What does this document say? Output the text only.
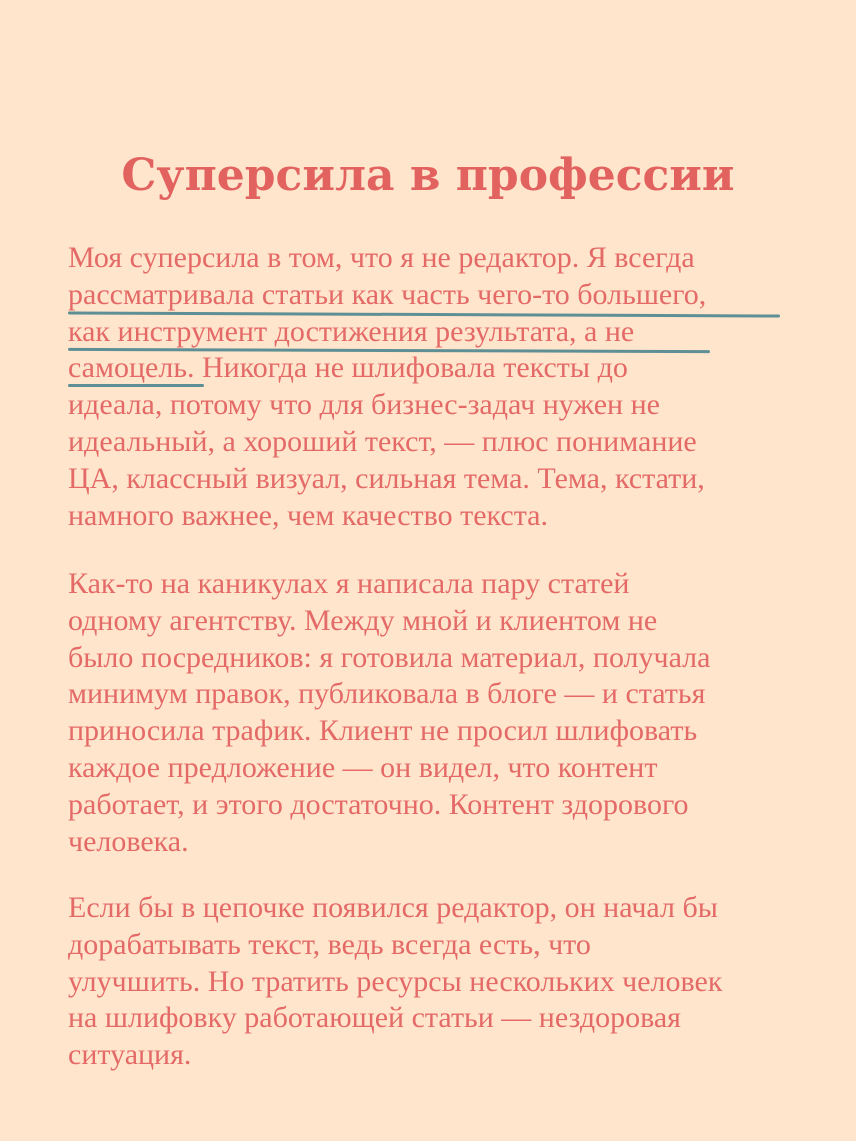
Суперсила в профессии
Моя суперсила в том, что я не редактор. Я всегда
рассматривала статьи как часть чего-то большего,
как инструмент достижения результата, а не
самоцель. Никогда не шлифовала тексты до
идеала, потому что для бизнес-задач нужен не
идеальный, а хороший текст, — плюс понимание
ЦА, классный визуал, сильная тема. Тема, кстати,
намного важнее, чем качество текста.
Как-то на каникулах я написала пару статей
одному агентству. Между мной и клиентом не
было посредников: я готовила материал, получала
минимум правок, публиковала в блоге — и статья
приносила трафик. Клиент не просил шлифовать
каждое предложение — он видел, что контент
работает, и этого достаточно. Контент здорового
человека.
Если бы в цепочке появился редактор, он начал бы
дорабатывать текст, ведь всегда есть, что
улучшить. Но тратить ресурсы нескольких человек
на шлифовку работающей статьи — нездоровая
ситуация.
